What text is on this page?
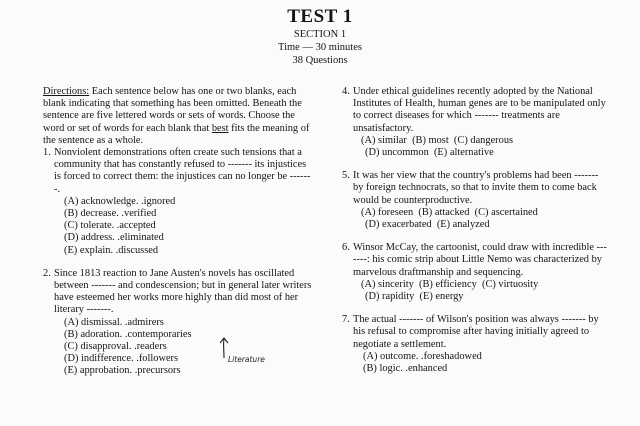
TEST 1
SECTION 1
Time — 30 minutes
38 Questions

Directions: Each sentence below has one or two blanks, each blank indicating that something has been omitted. Beneath the sentence are five lettered words or sets of words. Choose the word or set of words for each blank that best fits the meaning of the sentence as a whole.

1. Nonviolent demonstrations often create such tensions that a community that has constantly refused to ------- its injustices is forced to correct them: the injustices can no longer be -------.

(A) acknowledge. .ignored
(B) decrease. .verified
(C) tolerate. .accepted
(D) address. .eliminated
(E) explain. .discussed
2. Since 1813 reaction to Jane Austen's novels has oscillated between ------- and condescension; but in general later writers have esteemed her works more highly than did most of her literary -------.

(A) dismissal. .admirers
(B) adoration. .contemporaries
(C) disapproval. .readers
(D) indifference. .followers
(E) approbation. .precursors
Literature
4. Under ethical guidelines recently adopted by the National Institutes of Health, human genes are to be manipulated only to correct diseases for which ------- treatments are unsatisfactory.

(A) similar  (B) most  (C) dangerous
(D) uncommon  (E) alternative
5. It was her view that the country's problems had been ------- by foreign technocrats, so that to invite them to come back would be counterproductive.

(A) foreseen  (B) attacked  (C) ascertained
(D) exacerbated  (E) analyzed
6. Winsor McCay, the cartoonist, could draw with incredible -------: his comic strip about Little Nemo was characterized by marvelous draftmanship and sequencing.

(A) sincerity  (B) efficiency  (C) virtuosity
(D) rapidity  (E) energy
7. The actual ------- of Wilson's position was always ------- by his refusal to compromise after having initially agreed to negotiate a settlement.

(A) outcome. .foreshadowed
(B) logic. .enhanced
